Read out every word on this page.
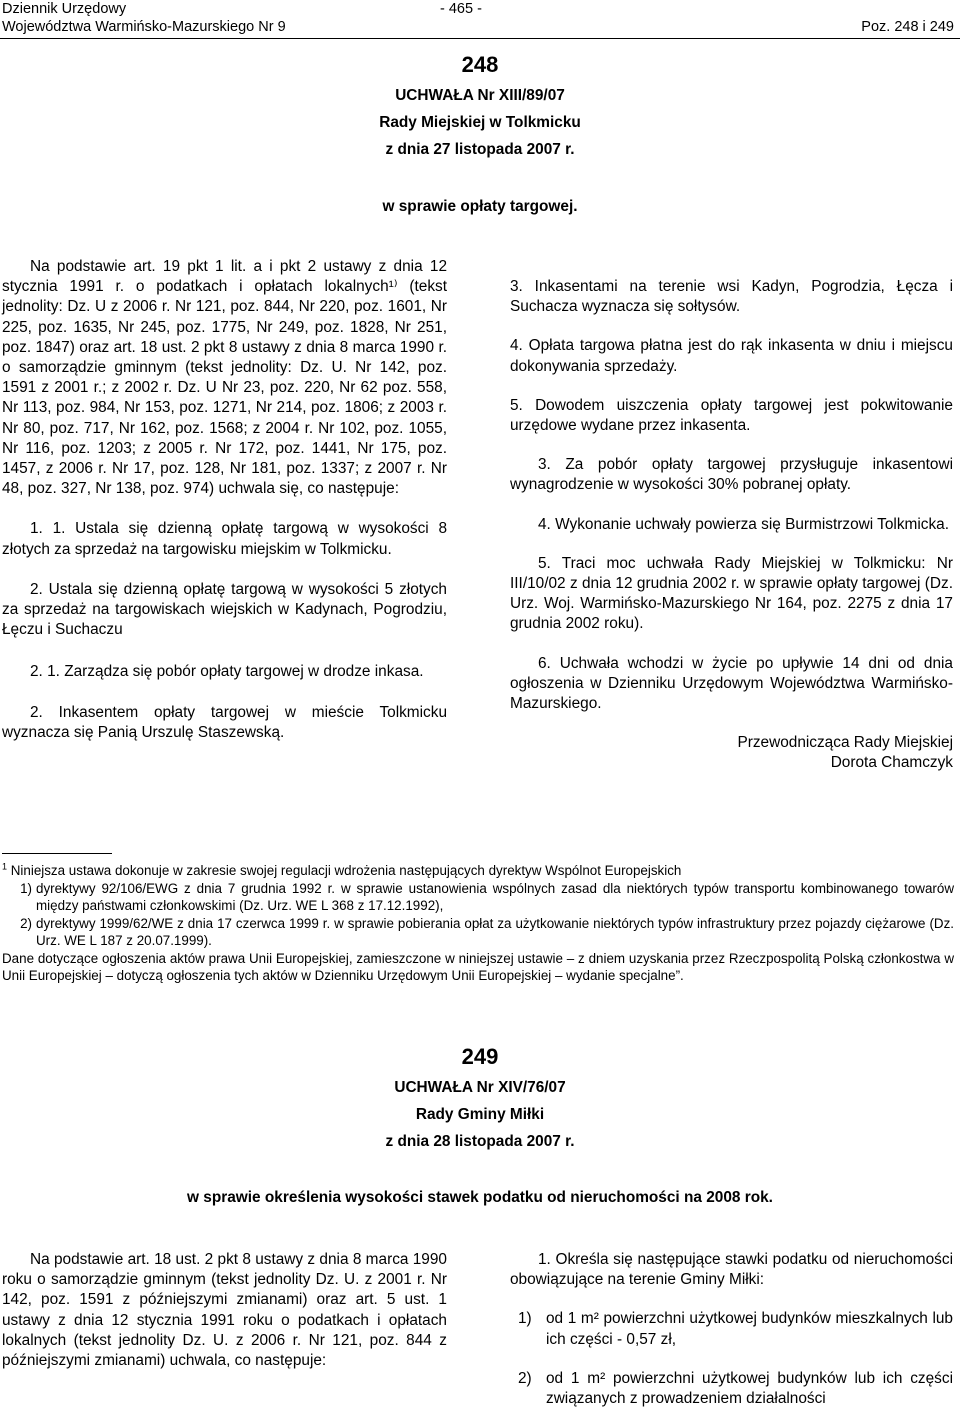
Dziennik Urzędowy
Województwa Warmińsko-Mazurskiego Nr 9
- 465 -
Poz. 248 i 249
248
UCHWAŁA Nr XIII/89/07
Rady Miejskiej w Tolkmicku
z dnia 27 listopada 2007 r.
w sprawie opłaty targowej.

Na podstawie art. 19 pkt 1 lit. a i pkt 2 ustawy z dnia 12 stycznia 1991 r. o podatkach i opłatach lokalnych¹⁾ (tekst jednolity: Dz. U z 2006 r. Nr 121, poz. 844, Nr 220, poz. 1601, Nr 225, poz. 1635, Nr 245, poz. 1775, Nr 249, poz. 1828, Nr 251, poz. 1847) oraz art. 18 ust. 2 pkt 8 ustawy z dnia 8 marca 1990 r. o samorządzie gminnym (tekst jednolity: Dz. U. Nr 142, poz. 1591 z 2001 r.; z 2002 r. Dz. U Nr 23, poz. 220, Nr 62 poz. 558, Nr 113, poz. 984, Nr 153, poz. 1271, Nr 214, poz. 1806; z 2003 r. Nr 80, poz. 717, Nr 162, poz. 1568; z 2004 r. Nr 102, poz. 1055, Nr 116, poz. 1203; z 2005 r. Nr 172, poz. 1441, Nr 175, poz. 1457, z 2006 r. Nr 17, poz. 128, Nr 181, poz. 1337; z 2007 r. Nr 48, poz. 327, Nr 138, poz. 974) uchwala się, co następuje:

1. 1. Ustala się dzienną opłatę targową w wysokości 8 złotych za sprzedaż na targowisku miejskim w Tolkmicku.

2. Ustala się dzienną opłatę targową w wysokości 5 złotych za sprzedaż na targowiskach wiejskich w Kadynach, Pogrodziu, Łęczu i Suchaczu

2. 1. Zarządza się pobór opłaty targowej w drodze inkasa.

2. Inkasentem opłaty targowej w mieście Tolkmicku wyznacza się Panią Urszulę Staszewską.

3. Inkasentami na terenie wsi Kadyn, Pogrodzia, Łęcza i Suchacza wyznacza się sołtysów.

4. Opłata targowa płatna jest do rąk inkasenta w dniu i miejscu dokonywania sprzedaży.

5. Dowodem uiszczenia opłaty targowej jest pokwitowanie urzędowe wydane przez inkasenta.

3. Za pobór opłaty targowej przysługuje inkasentowi wynagrodzenie w wysokości 30% pobranej opłaty.

4. Wykonanie uchwały powierza się Burmistrzowi Tolkmicka.

5. Traci moc uchwała Rady Miejskiej w Tolkmicku: Nr III/10/02 z dnia 12 grudnia 2002 r. w sprawie opłaty targowej (Dz. Urz. Woj. Warmińsko-Mazurskiego Nr 164, poz. 2275 z dnia 17 grudnia 2002 roku).

6. Uchwała wchodzi w życie po upływie 14 dni od dnia ogłoszenia w Dzienniku Urzędowym Województwa Warmińsko-Mazurskiego.

Przewodnicząca Rady Miejskiej

Dorota Chamczyk

$^1$ Niniejsza ustawa dokonuje w zakresie swojej regulacji wdrożenia następujących dyrektyw Wspólnot Europejskich

1) dyrektywy 92/106/EWG z dnia 7 grudnia 1992 r. w sprawie ustanowienia wspólnych zasad dla niektórych typów transportu kombinowanego towarów między państwami członkowskimi (Dz. Urz. WE L 368 z 17.12.1992),
2) dyrektywy 1999/62/WE z dnia 17 czerwca 1999 r. w sprawie pobierania opłat za użytkowanie niektórych typów infrastruktury przez pojazdy ciężarowe (Dz. Urz. WE L 187 z 20.07.1999).

Dane dotyczące ogłoszenia aktów prawa Unii Europejskiej, zamieszczone w niniejszej ustawie – z dniem uzyskania przez Rzeczpospolitą Polską członkostwa w Unii Europejskiej – dotyczą ogłoszenia tych aktów w Dzienniku Urzędowym Unii Europejskiej – wydanie specjalne”.

249
UCHWAŁA Nr XIV/76/07
Rady Gminy Miłki
z dnia 28 listopada 2007 r.
w sprawie określenia wysokości stawek podatku od nieruchomości na 2008 rok.

Na podstawie art. 18 ust. 2 pkt 8 ustawy z dnia 8 marca 1990 roku o samorządzie gminnym (tekst jednolity Dz. U. z 2001 r. Nr 142, poz. 1591 z późniejszymi zmianami) oraz art. 5 ust. 1 ustawy z dnia 12 stycznia 1991 roku o podatkach i opłatach lokalnych (tekst jednolity Dz. U. z 2006 r. Nr 121, poz. 844 z późniejszymi zmianami) uchwala, co następuje:

1. Określa się następujące stawki podatku od nieruchomości obowiązujące na terenie Gminy Miłki:

1) od 1 m² powierzchni użytkowej budynków mieszkalnych lub ich części - 0,57 zł,
2) od 1 m² powierzchni użytkowej budynków lub ich części związanych z prowadzeniem działalności
